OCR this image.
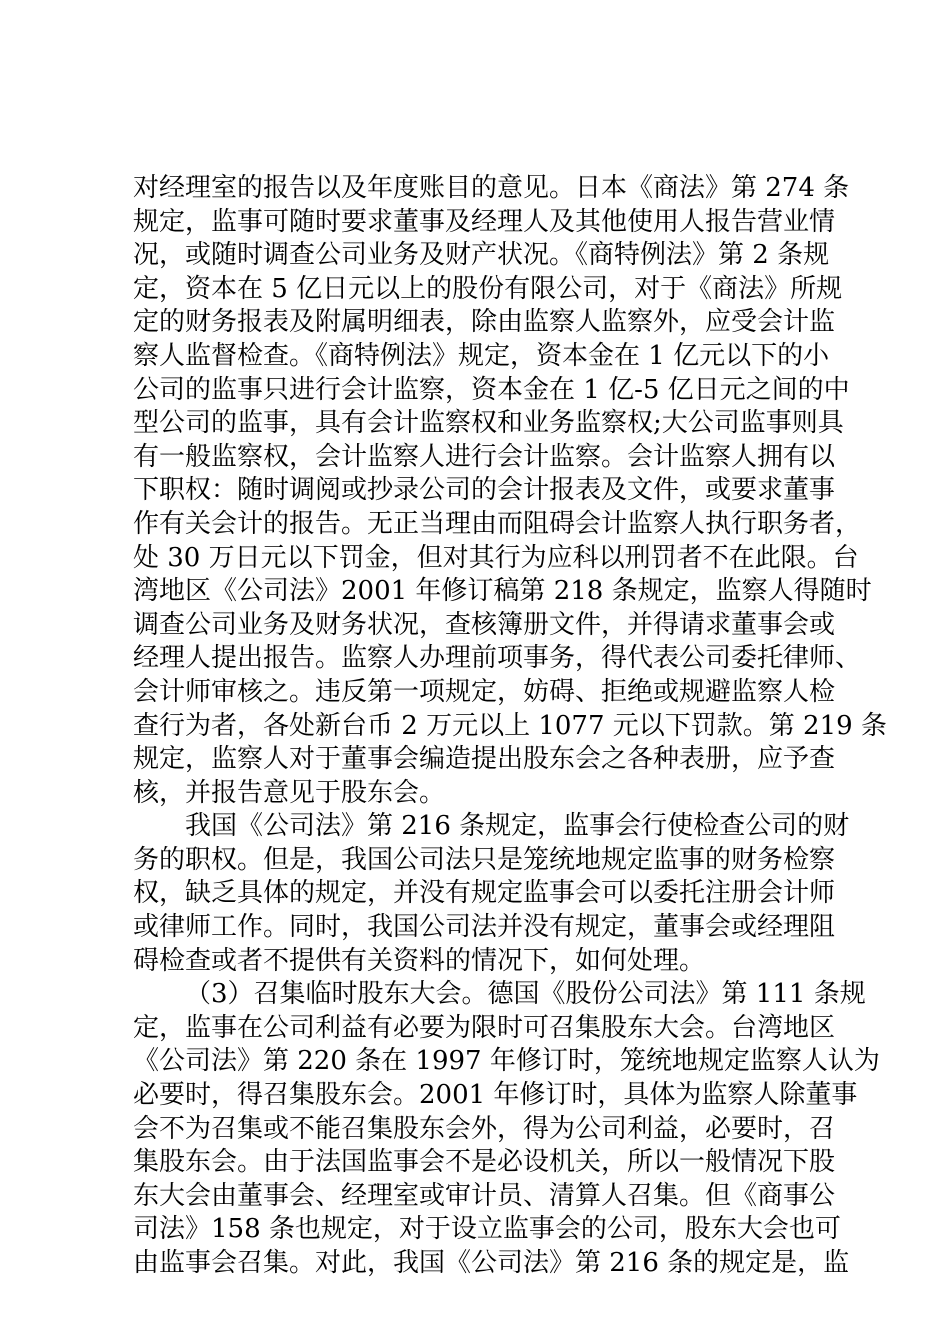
对经理室的报告以及年度账目的意见。日本《商法》第 274 条
规定，监事可随时要求董事及经理人及其他使用人报告营业情
况，或随时调查公司业务及财产状况。《商特例法》第 2 条规
定，资本在 5 亿日元以上的股份有限公司，对于《商法》所规
定的财务报表及附属明细表，除由监察人监察外，应受会计监
察人监督检查。《商特例法》规定，资本金在 1 亿元以下的小
公司的监事只进行会计监察，资本金在 1 亿-5 亿日元之间的中
型公司的监事，具有会计监察权和业务监察权;大公司监事则具
有一般监察权，会计监察人进行会计监察。会计监察人拥有以
下职权：随时调阅或抄录公司的会计报表及文件，或要求董事
作有关会计的报告。无正当理由而阻碍会计监察人执行职务者，
处 30 万日元以下罚金，但对其行为应科以刑罚者不在此限。台
湾地区《公司法》2001 年修订稿第 218 条规定，监察人得随时
调查公司业务及财务状况，查核簿册文件，并得请求董事会或
经理人提出报告。监察人办理前项事务，得代表公司委托律师、
会计师审核之。违反第一项规定，妨碍、拒绝或规避监察人检
查行为者，各处新台币 2 万元以上 1077 元以下罚款。第 219 条
规定，监察人对于董事会编造提出股东会之各种表册，应予查
核，并报告意见于股东会。
我国《公司法》第 216 条规定，监事会行使检查公司的财
务的职权。但是，我国公司法只是笼统地规定监事的财务检察
权，缺乏具体的规定，并没有规定监事会可以委托注册会计师
或律师工作。同时，我国公司法并没有规定，董事会或经理阻
碍检查或者不提供有关资料的情况下，如何处理。
（3）召集临时股东大会。德国《股份公司法》第 111 条规
定，监事在公司利益有必要为限时可召集股东大会。台湾地区
《公司法》第 220 条在 1997 年修订时，笼统地规定监察人认为
必要时，得召集股东会。2001 年修订时，具体为监察人除董事
会不为召集或不能召集股东会外，得为公司利益，必要时，召
集股东会。由于法国监事会不是必设机关，所以一般情况下股
东大会由董事会、经理室或审计员、清算人召集。但《商事公
司法》158 条也规定，对于设立监事会的公司，股东大会也可
由监事会召集。对此，我国《公司法》第 216 条的规定是，监
